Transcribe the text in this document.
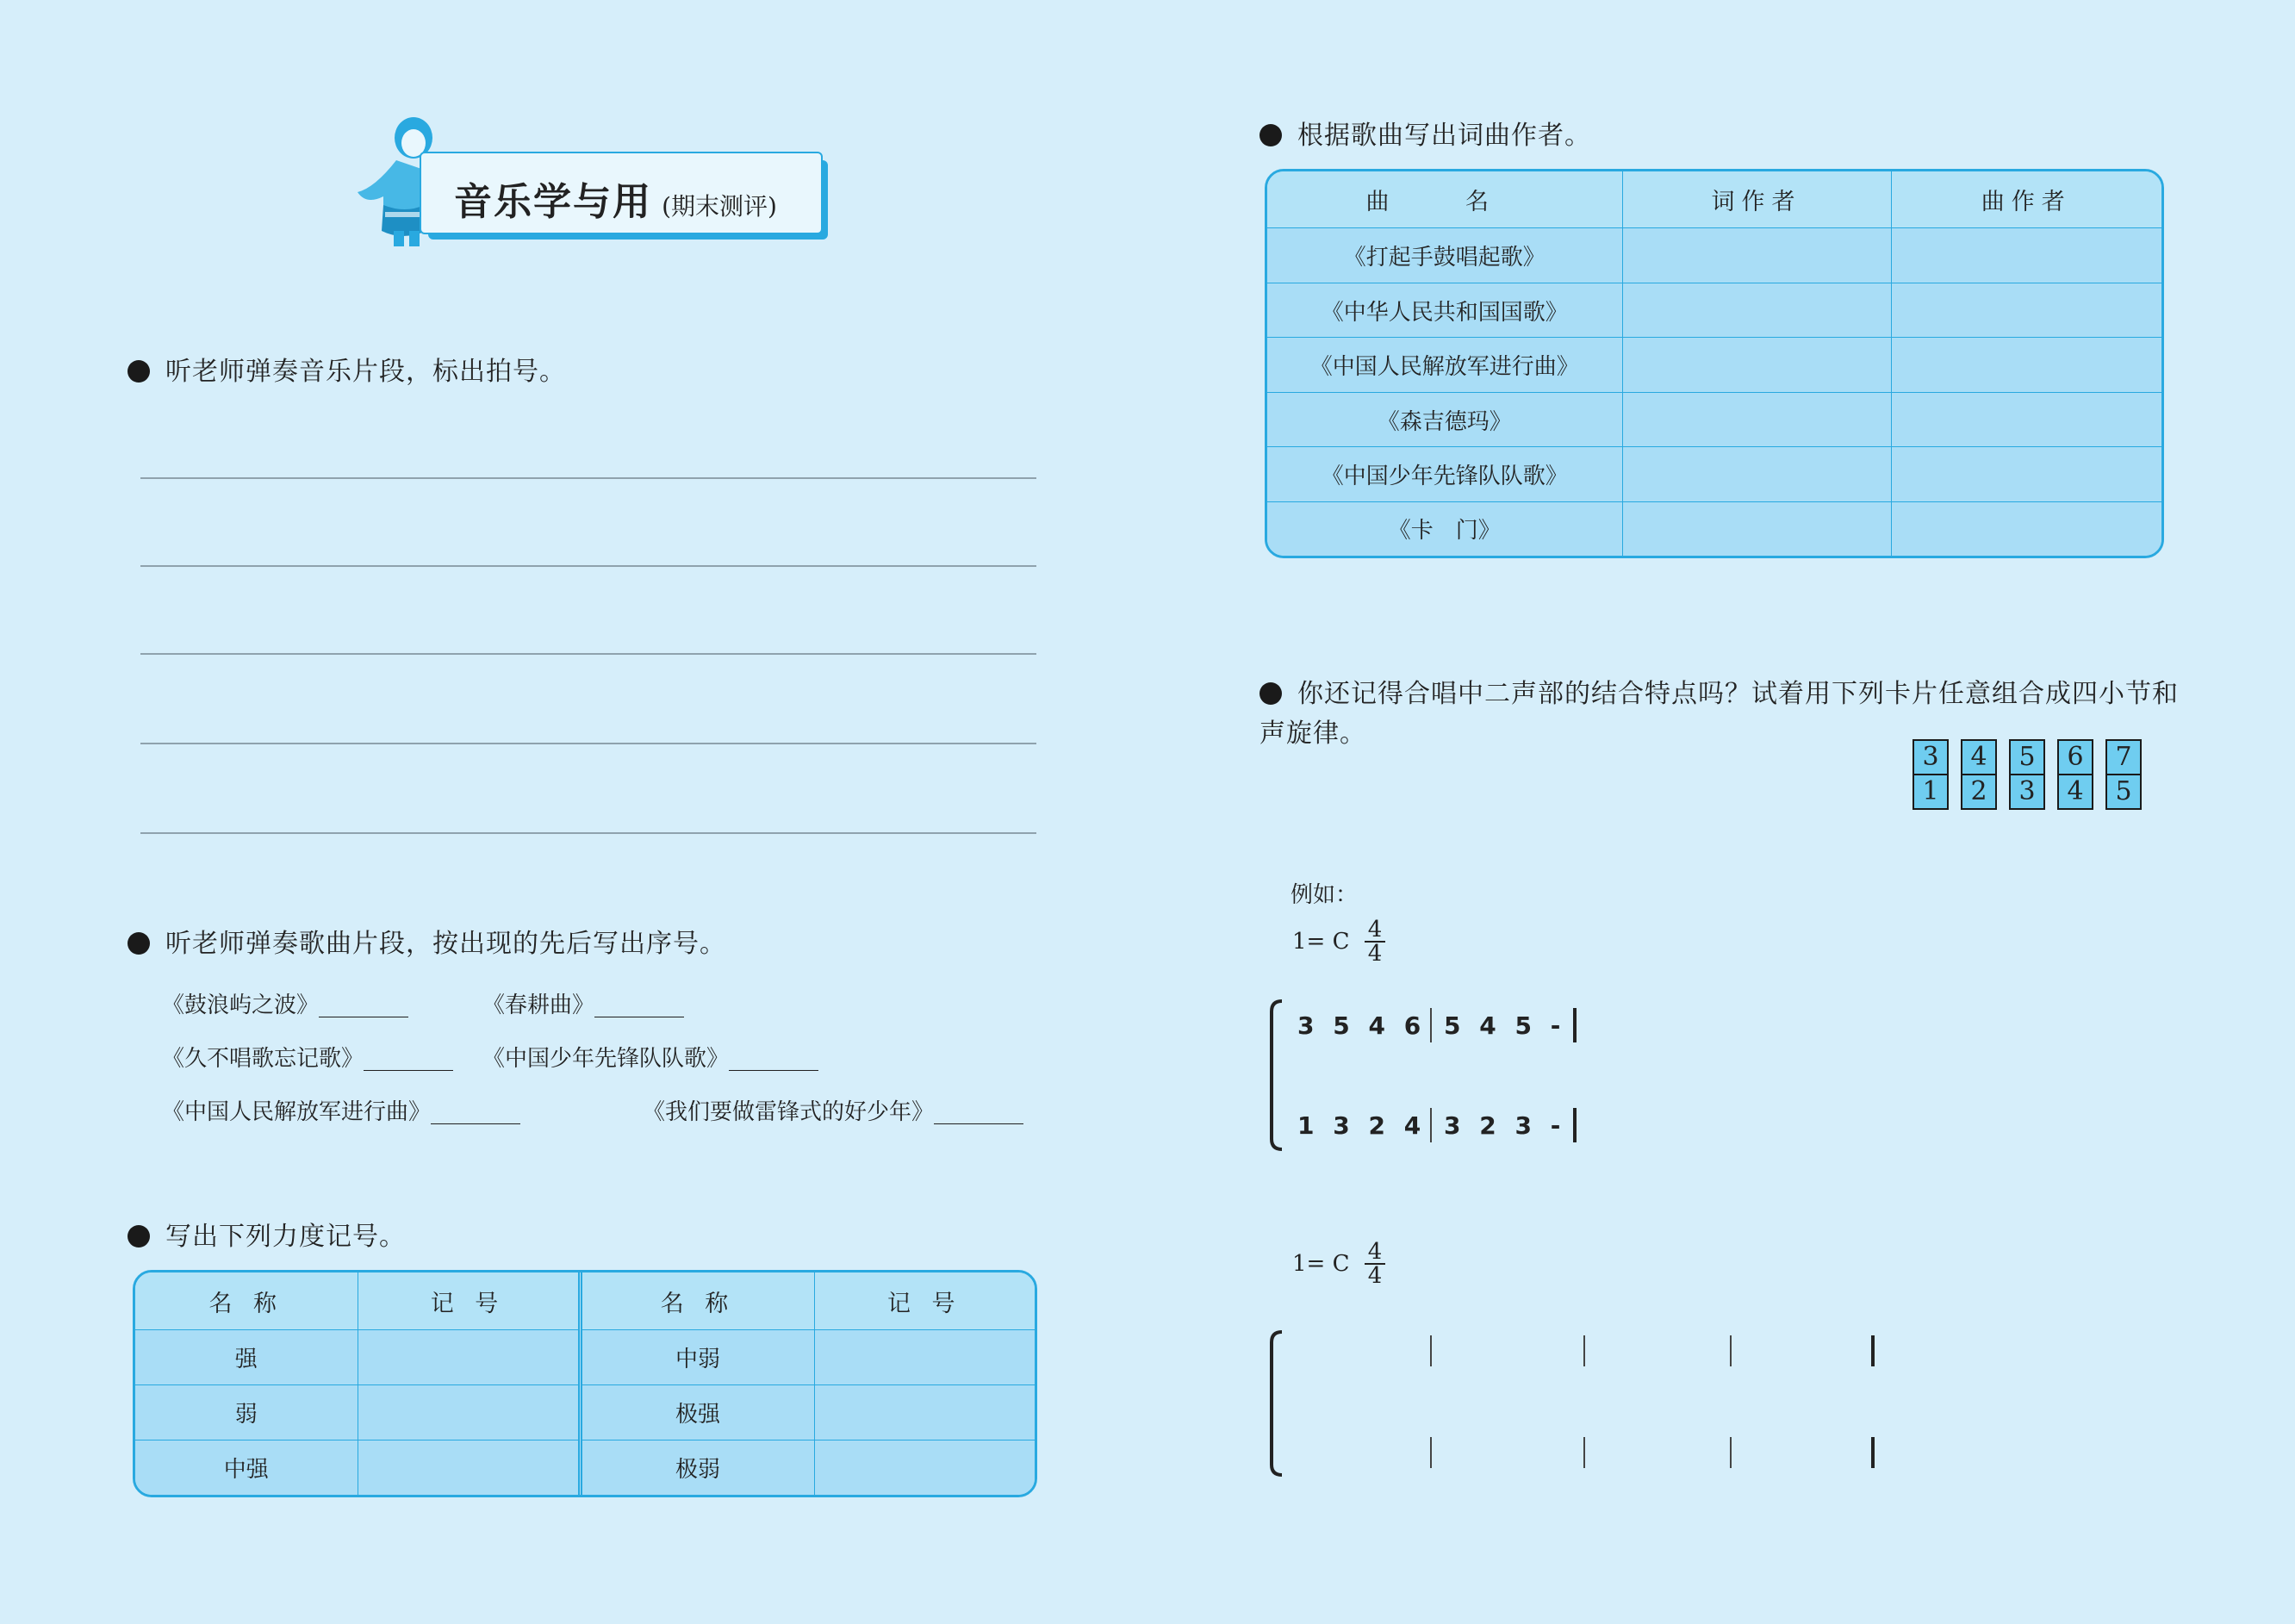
音乐学与用 (期末测评)
听老师弹奏音乐片段，标出拍号。
听老师弹奏歌曲片段，按出现的先后写出序号。
《鼓浪屿之波》________	《春耕曲》________
《久不唱歌忘记歌》________ 《中国少年先锋队队歌》________
《中国人民解放军进行曲》________	《我们要做雷锋式的好少年》________
写出下列力度记号。
名 称	记 号	名 称	记 号
强		中弱	
弱		极强	
中强		极弱	
根据歌曲写出词曲作者。
曲 名	词作者	曲作者
《打起手鼓唱起歌》		
《中华人民共和国国歌》		
《中国人民解放军进行曲》		
《森吉德玛》		
《中国少年先锋队队歌》		
《卡　门》		
你还记得合唱中二声部的结合特点吗？试着用下列卡片任意组合成四小节和
声旋律。
3
1
4
2
5
3
6
4
7
5
例如：
1= C 4
4
3 5 4 6 5 4 5 -
1 3 2 4 3 2 3 -
1= C 4
4
